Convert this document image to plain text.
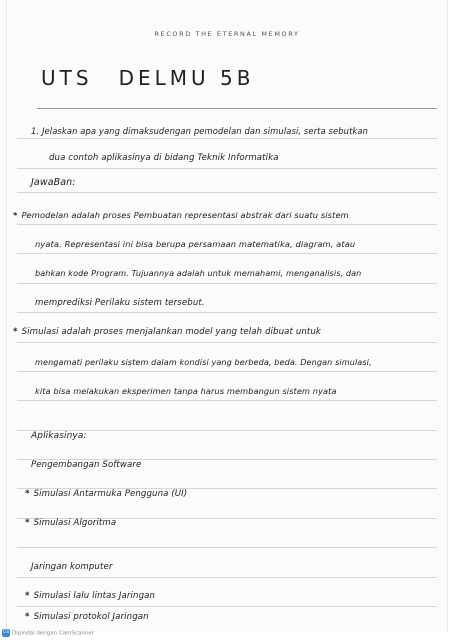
RECORD THE ETERNAL MEMORY
UTS DELMU 5B
1. Jelaskan apa yang dimaksudengan pemodelan dan simulasi, serta sebutkan
dua contoh aplikasinya di bidang Teknik Informatika
JawaBan:
* Pemodelan adalah proses Pembuatan representasi abstrak dari suatu sistem
nyata. Representasi ini bisa berupa persamaan matematika, diagram, atau
bahkan kode Program. Tujuannya adalah untuk memahami, menganalisis, dan
memprediksi Perilaku sistem tersebut.
* Simulasi adalah proses menjalankan model yang telah dibuat untuk
mengamati perilaku sistem dalam kondisi yang berbeda, beda. Dengan simulasi,
kita bisa melakukan eksperimen tanpa harus membangun sistem nyata
Aplikasinya:
Pengembangan Software
* Simulasi Antarmuka Pengguna (UI)
* Simulasi Algoritma
Jaringan komputer
* Simulasi lalu lintas Jaringan
* Simulasi protokol Jaringan
CS Dipindai dengan CamScanner
